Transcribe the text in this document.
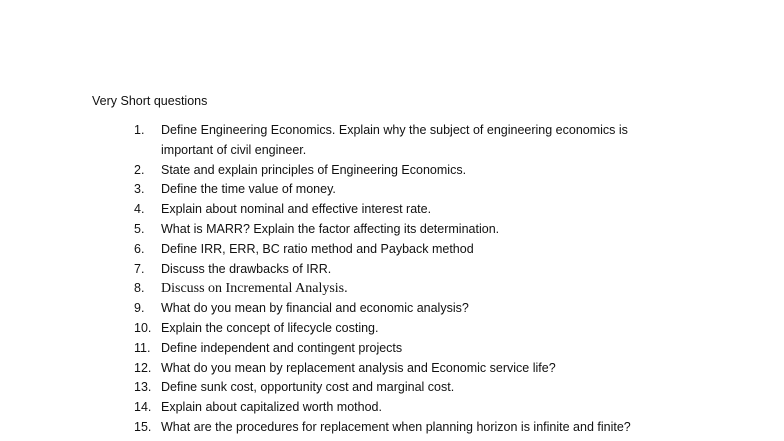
Very Short questions
1.	Define Engineering Economics. Explain why the subject of engineering economics is important of civil engineer.
2.	State and explain principles of Engineering Economics.
3.	Define the time value of money.
4.	Explain about nominal and effective interest rate.
5.	What is MARR? Explain the factor affecting its determination.
6.	Define IRR, ERR, BC ratio method and Payback method
7.	Discuss the drawbacks of IRR.
8.	Discuss on Incremental Analysis.
9.	What do you mean by financial and economic analysis?
10. Explain the concept of lifecycle costing.
11. Define independent and contingent projects
12. What do you mean by replacement analysis and Economic service life?
13. Define sunk cost, opportunity cost and marginal cost.
14. Explain about capitalized worth mothod.
15. What are the procedures for replacement when planning horizon is infinite and finite?
